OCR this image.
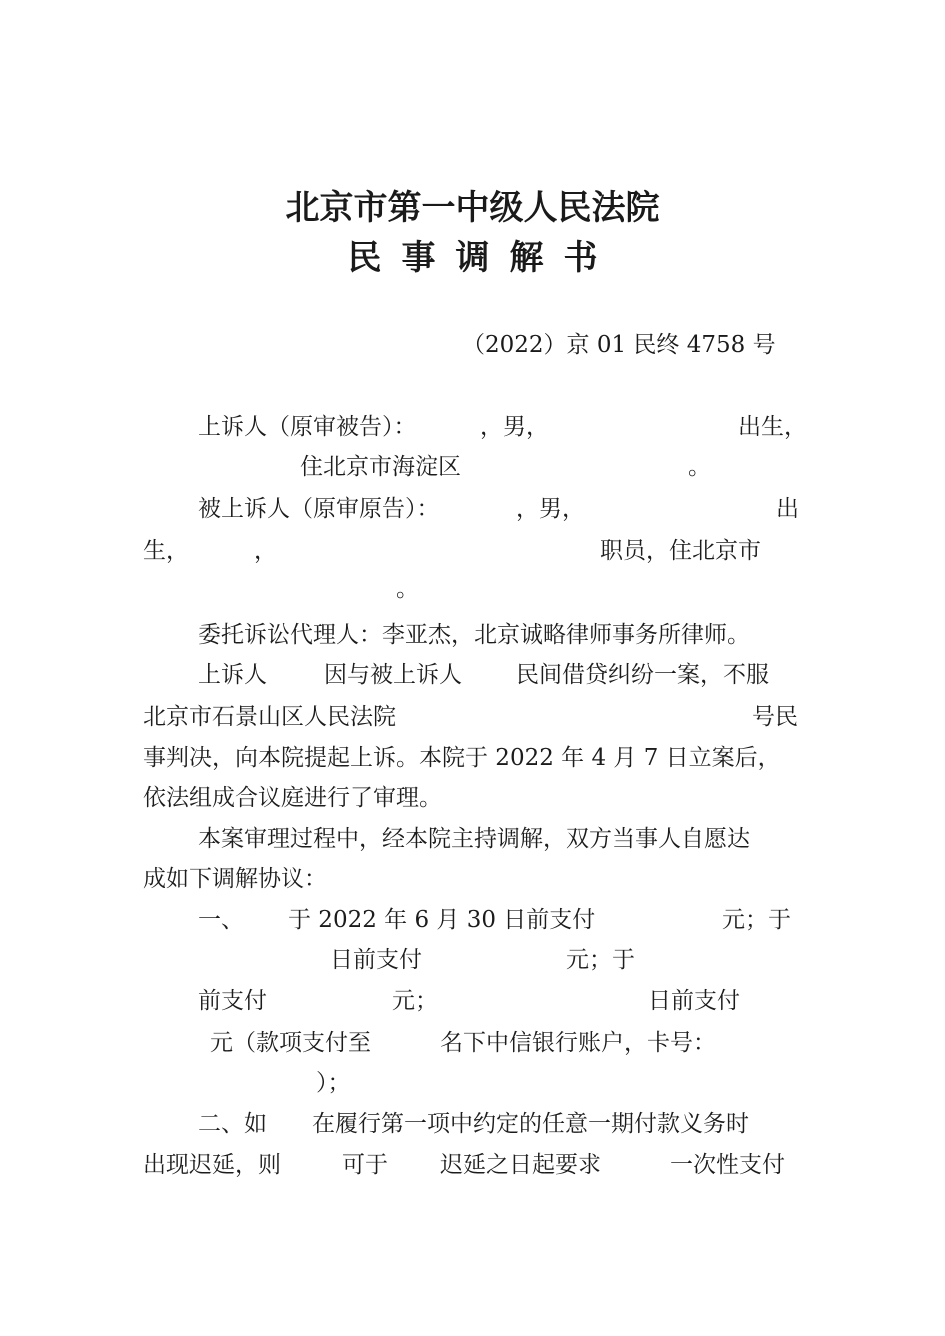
北京市第一中级人民法院
民事调解书
（2022）京 01 民终 4758 号
上诉人（原审被告）：	，男，	出生，
住北京市海淀区	。
被上诉人（原审原告）：	，男，	出
生，	，	职员，住北京市
。
委托诉讼代理人：李亚杰，北京诚略律师事务所律师。
上诉人 因与被上诉人 民间借贷纠纷一案，不服
北京市石景山区人民法院	号民
事判决，向本院提起上诉。本院于 2022 年 4 月 7 日立案后，
依法组成合议庭进行了审理。
本案审理过程中，经本院主持调解，双方当事人自愿达
成如下调解协议：
一、 于 2022 年 6 月 30 日前支付	元；于
日前支付	元；于
前支付	元；	日前支付
元（款项支付至	名下中信银行账户，卡号：
）；
二、如 在履行第一项中约定的任意一期付款义务时
出现迟延，则	可于 迟延之日起要求	一次性支付
